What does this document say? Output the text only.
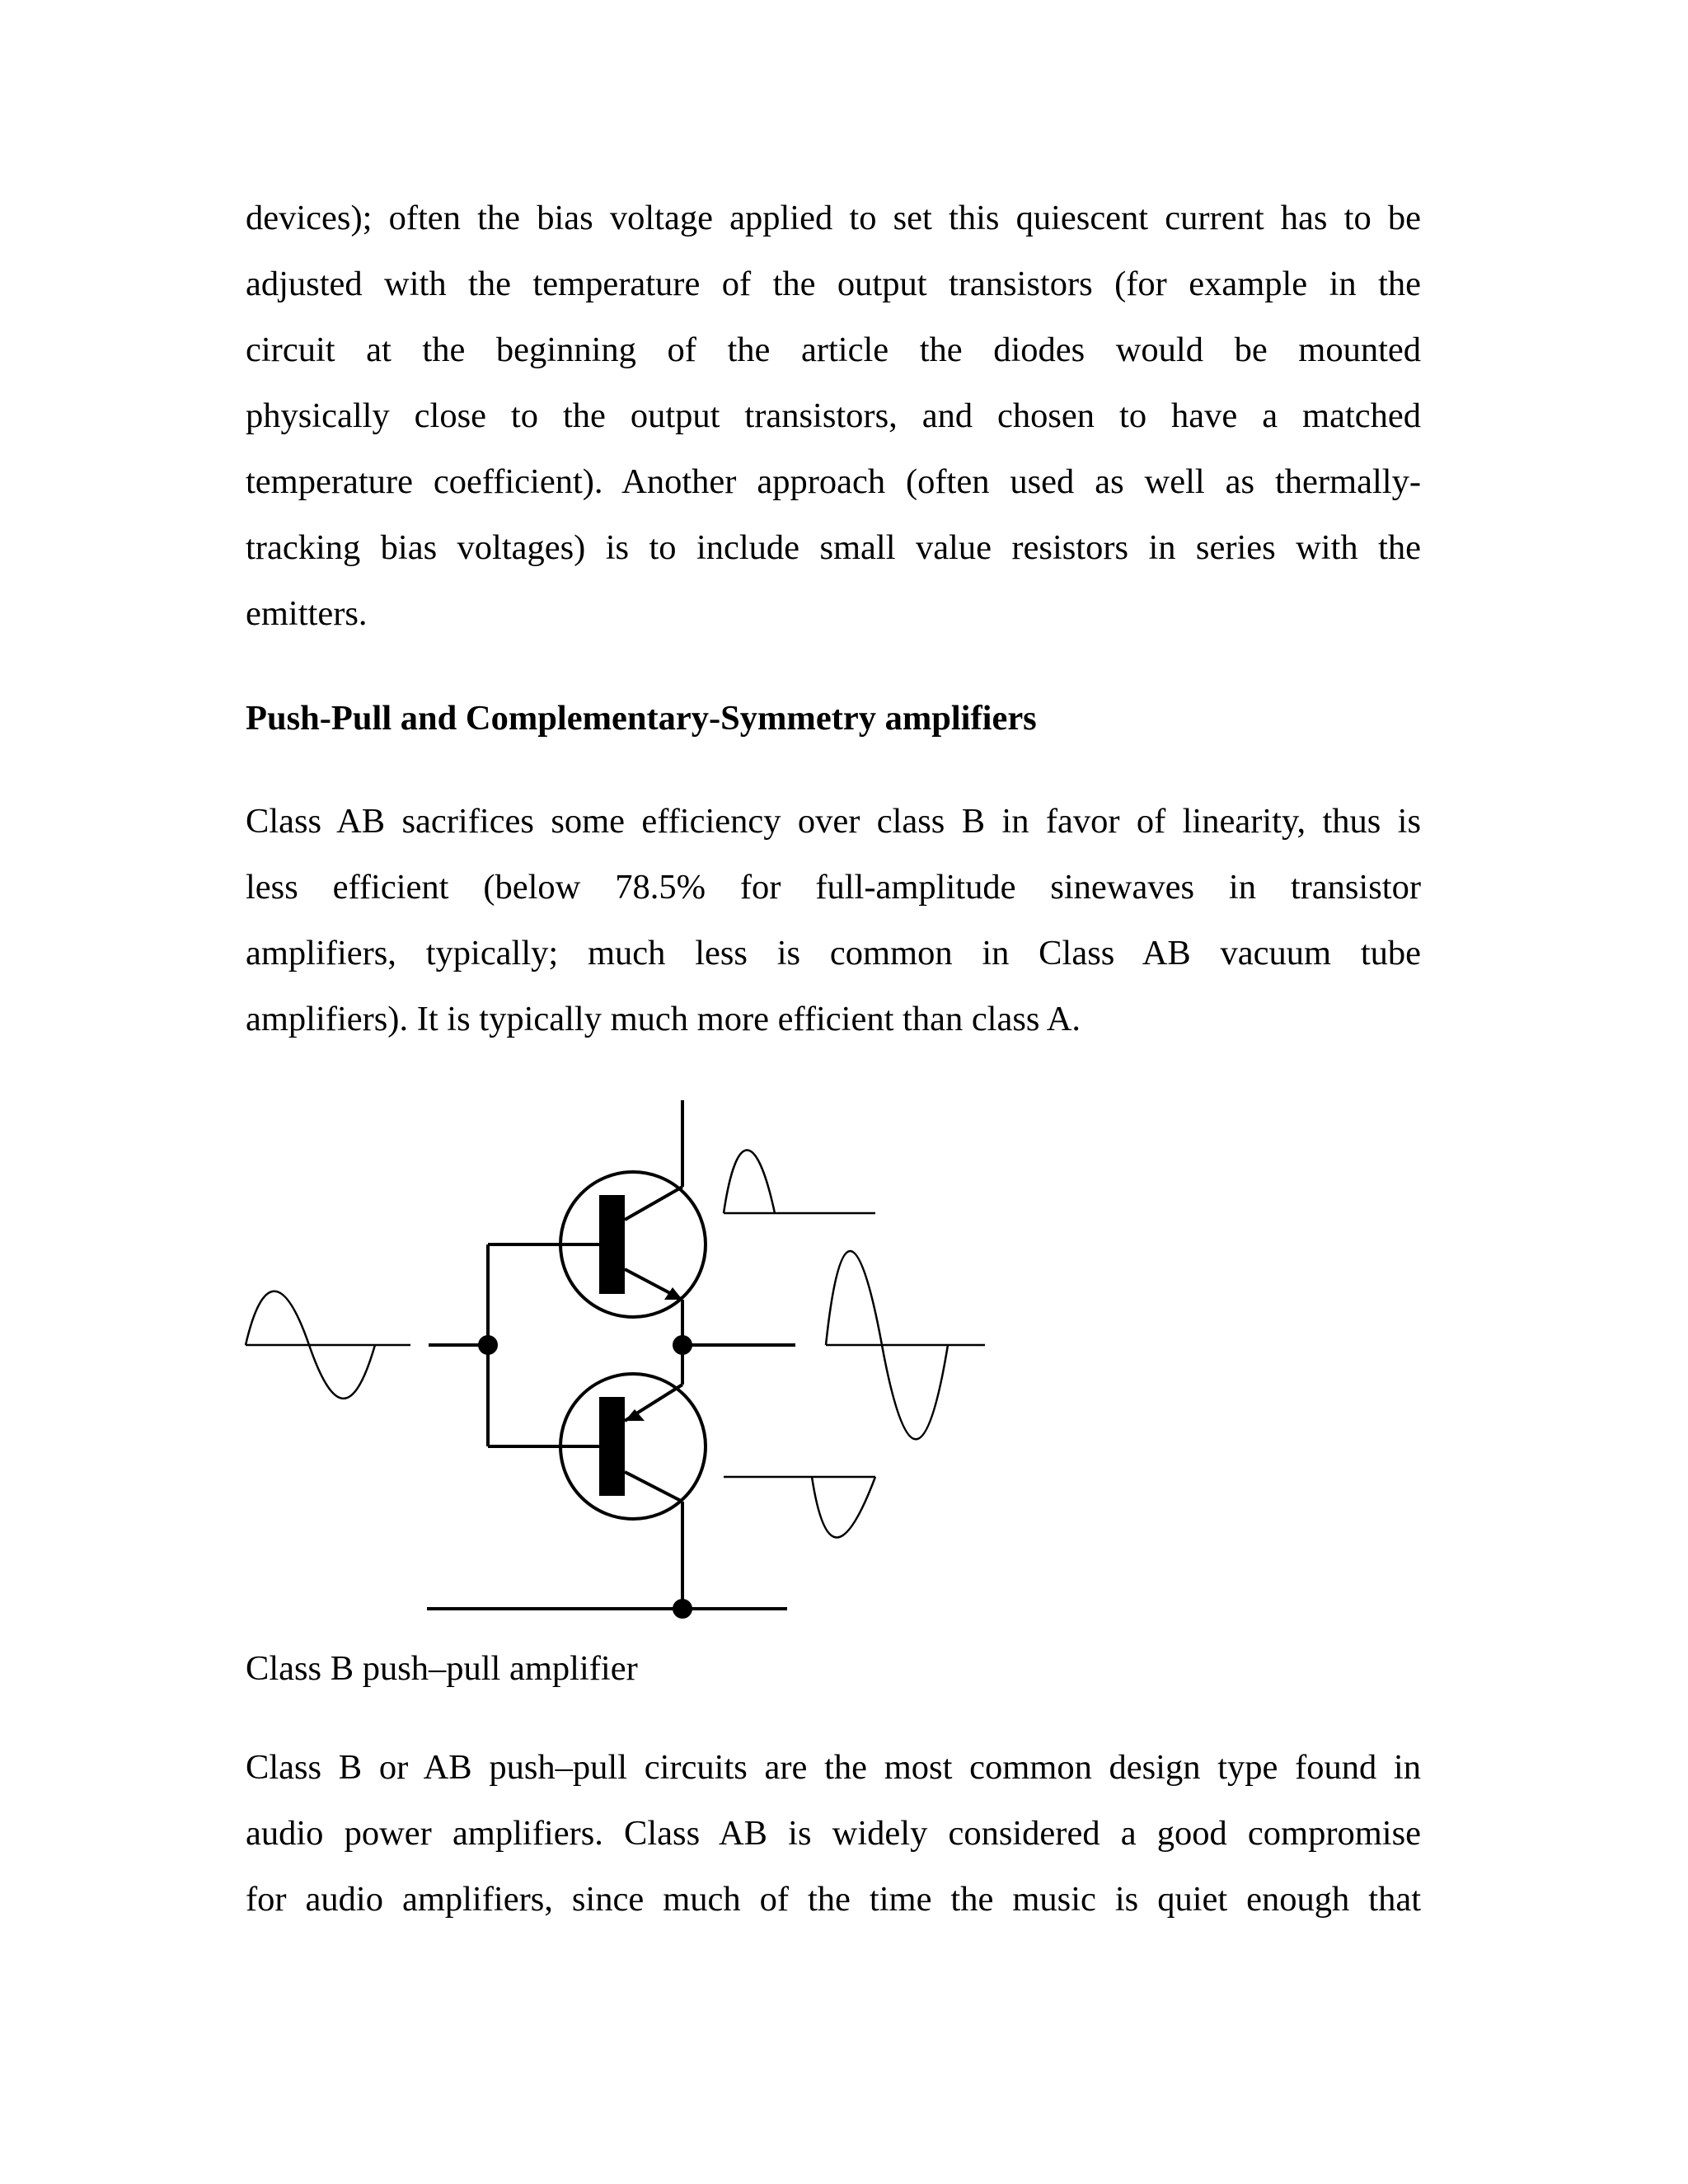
devices); often the bias voltage applied to set this quiescent current has to be
adjusted with the temperature of the output transistors (for example in the
circuit at the beginning of the article the diodes would be mounted
physically close to the output transistors, and chosen to have a matched
temperature coefficient). Another approach (often used as well as thermally-
tracking bias voltages) is to include small value resistors in series with the
emitters.
Push-Pull and Complementary-Symmetry amplifiers
Class AB sacrifices some efficiency over class B in favor of linearity, thus is
less efficient (below 78.5% for full-amplitude sinewaves in transistor
amplifiers, typically; much less is common in Class AB vacuum tube
amplifiers). It is typically much more efficient than class A.

Class B push–pull amplifier

Class B or AB push–pull circuits are the most common design type found in
audio power amplifiers. Class AB is widely considered a good compromise
for audio amplifiers, since much of the time the music is quiet enough that
